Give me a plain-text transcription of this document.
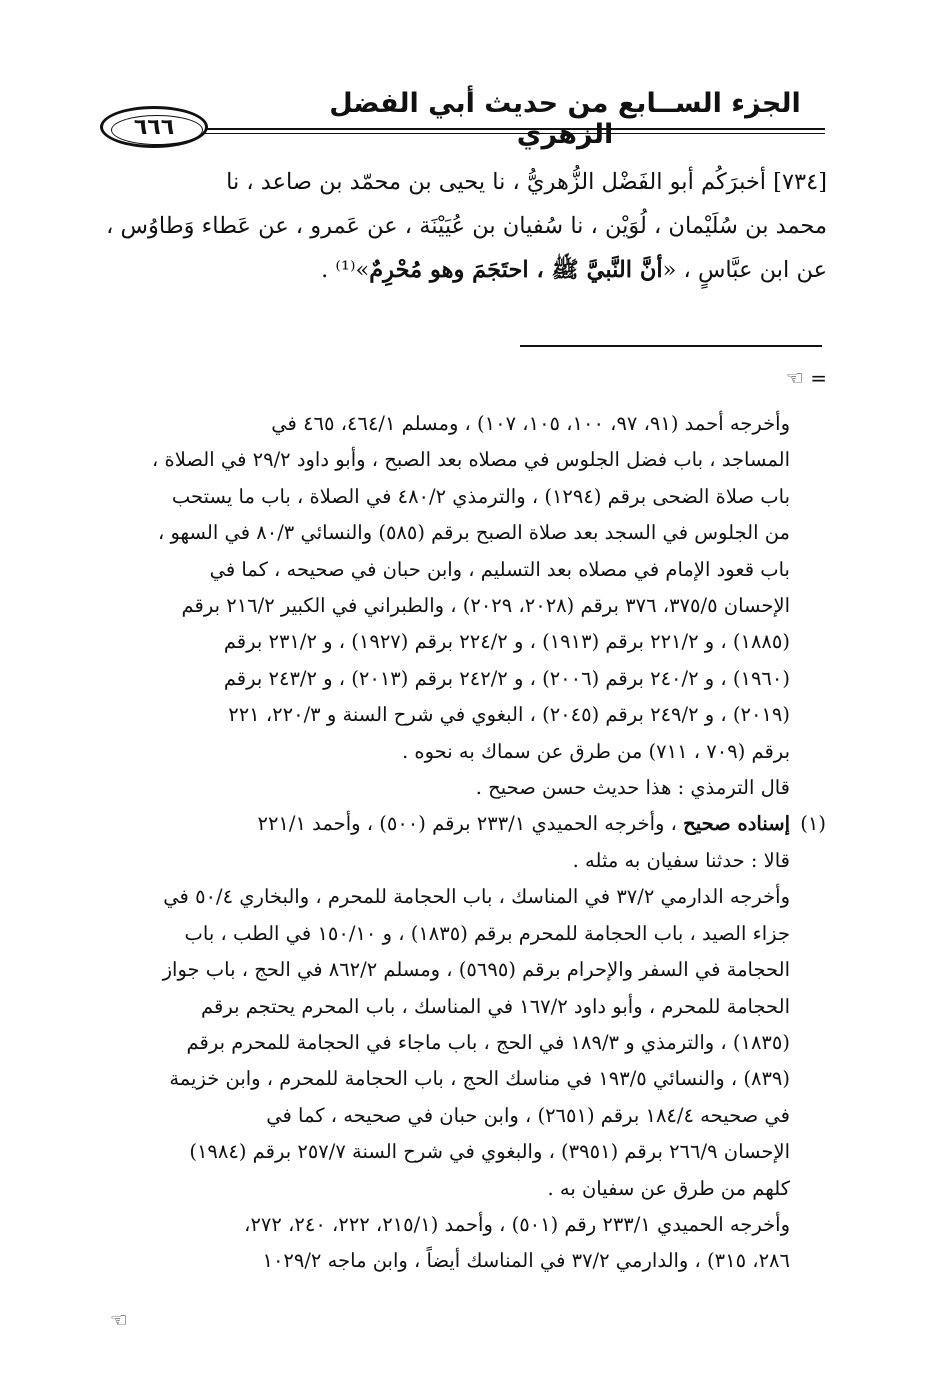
الجزء الســابع من حديث أبي الفضل الزهري
٦٦٦

[٧٣٤] أخبرَكُم أبو الفَضْل الزُّهريُّ ، نا يحيى بن محمّد بن صاعد ، نا

محمد بن سُلَيْمان ، لُوَيْن ، نا سُفيان بن عُيَيْنَة ، عن عَمرو ، عن عَطاء وَطاوُس ،

عن ابن عبَّاسٍ ، «أنَّ النَّبيَّ ﷺ ، احتَجَمَ وهو مُحْرِمٌ»⁽¹⁾ .

= ☜

وأخرجه أحمد (٩١، ٩٧، ١٠٠، ١٠٥، ١٠٧) ، ومسلم ٤٦٤/١، ٤٦٥ في

المساجد ، باب فضل الجلوس في مصلاه بعد الصبح ، وأبو داود ٢٩/٢ في الصلاة ،

باب صلاة الضحى برقم (١٢٩٤) ، والترمذي ٤٨٠/٢ في الصلاة ، باب ما يستحب

من الجلوس في السجد بعد صلاة الصبح برقم (٥٨٥) والنسائي ٨٠/٣ في السهو ،

باب قعود الإمام في مصلاه بعد التسليم ، وابن حبان في صحيحه ، كما في

الإحسان ٣٧٥/٥، ٣٧٦ برقم (٢٠٢٨، ٢٠٢٩) ، والطبراني في الكبير ٢١٦/٢ برقم

(١٨٨٥) ، و ٢٢١/٢ برقم (١٩١٣) ، و ٢٢٤/٢ برقم (١٩٢٧) ، و ٢٣١/٢ برقم

(١٩٦٠) ، و ٢٤٠/٢ برقم (٢٠٠٦) ، و ٢٤٢/٢ برقم (٢٠١٣) ، و ٢٤٣/٢ برقم

(٢٠١٩) ، و ٢٤٩/٢ برقم (٢٠٤٥) ، البغوي في شرح السنة و ٢٢٠/٣، ٢٢١

برقم (٧٠٩ ، ٧١١) من طرق عن سماك به نحوه .

قال الترمذي : هذا حديث حسن صحيح .

(١)

إسناده صحيح ، وأخرجه الحميدي ٢٣٣/١ برقم (٥٠٠) ، وأحمد ٢٢١/١

قالا : حدثنا سفيان به مثله .

وأخرجه الدارمي ٣٧/٢ في المناسك ، باب الحجامة للمحرم ، والبخاري ٥٠/٤ في

جزاء الصيد ، باب الحجامة للمحرم برقم (١٨٣٥) ، و ١٥٠/١٠ في الطب ، باب

الحجامة في السفر والإحرام برقم (٥٦٩٥) ، ومسلم ٨٦٢/٢ في الحج ، باب جواز

الحجامة للمحرم ، وأبو داود ١٦٧/٢ في المناسك ، باب المحرم يحتجم برقم

(١٨٣٥) ، والترمذي و ١٨٩/٣ في الحج ، باب ماجاء في الحجامة للمحرم برقم

(٨٣٩) ، والنسائي ١٩٣/٥ في مناسك الحج ، باب الحجامة للمحرم ، وابن خزيمة

في صحيحه ١٨٤/٤ برقم (٢٦٥١) ، وابن حبان في صحيحه ، كما في

الإحسان ٢٦٦/٩ برقم (٣٩٥١) ، والبغوي في شرح السنة ٢٥٧/٧ برقم (١٩٨٤)

كلهم من طرق عن سفيان به .

وأخرجه الحميدي ٢٣٣/١ رقم (٥٠١) ، وأحمد (٢١٥/١، ٢٢٢، ٢٤٠، ٢٧٢،

٢٨٦، ٣١٥) ، والدارمي ٣٧/٢ في المناسك أيضاً ، وابن ماجه ١٠٢٩/٢

☜
